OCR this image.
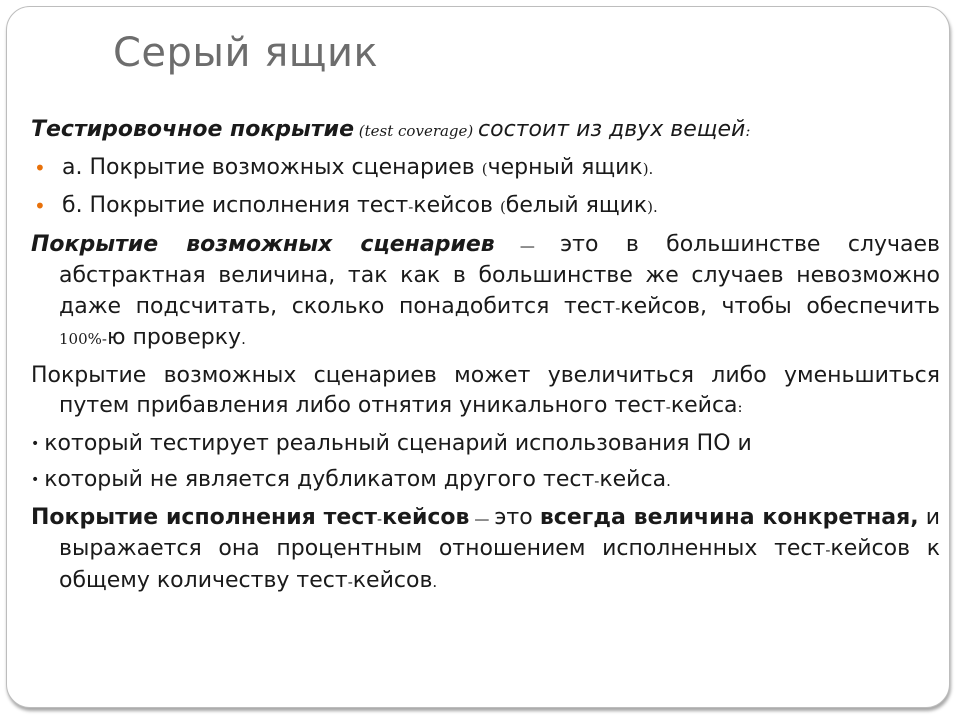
Серый ящик

Тестировочное покрытие (test coverage) состоит из двух вещей:

• а. Покрытие возможных сценариев (черный ящик).
• б. Покрытие исполнения тест-кейсов (белый ящик).

Покрытие возможных сценариев — это в большинстве случаев абстрактная величина, так как в большинстве же случаев невозможно даже подсчитать, сколько понадобится тест-кейсов, чтобы обеспечить 100%-ю проверку.

Покрытие возможных сценариев может увеличиться либо уменьшиться путем прибавления либо отнятия уникального тест-кейса:

• который тестирует реальный сценарий использования ПО и

• который не является дубликатом другого тест-кейса.

Покрытие исполнения тест-кейсов — это всегда величина конкретная, и выражается она процентным отношением исполненных тест-кейсов к общему количеству тест-кейсов.
